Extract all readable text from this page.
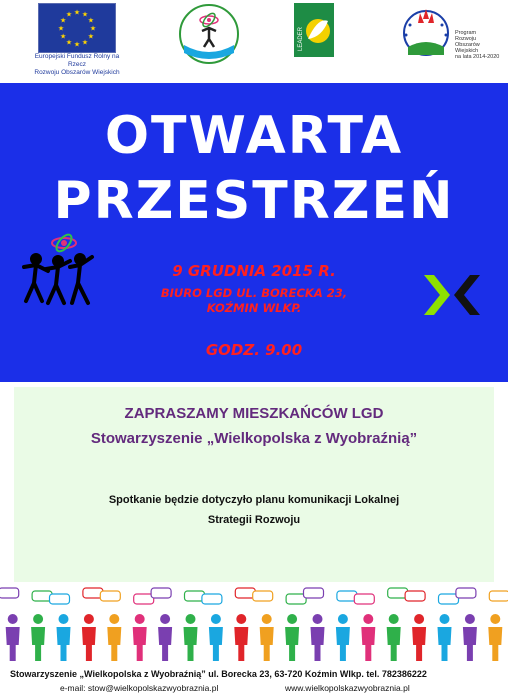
★
★
★
★
★
★
★
★
★ ★ ★
★
Europejski Fundusz Rolny na Rzecz
Rozwoju Obszarów Wiejskich
LEADER	Program
Rozwoju
Obszarów
Wiejskich
na lata 2014-2020
OTWARTA
PRZESTRZEŃ
9 GRUDNIA 2015 R.
BIURO LGD UL. BORECKA 23,
KOŹMIN WLKP.
GODZ. 9.00
ZAPRASZAMY MIESZKAŃCÓW LGD
Stowarzyszenie „Wielkopolska z Wyobraźnią”
Spotkanie będzie dotyczyło planu komunikacji Lokalnej
Strategii Rozwoju
Stowarzyszenie „Wielkopolska z Wyobraźnią” ul. Borecka 23, 63-720 Koźmin Wlkp. tel. 782386222
e-mail: stow@wielkopolskazwyobraznia.pl	www.wielkopolskazwyobraznia.pl
